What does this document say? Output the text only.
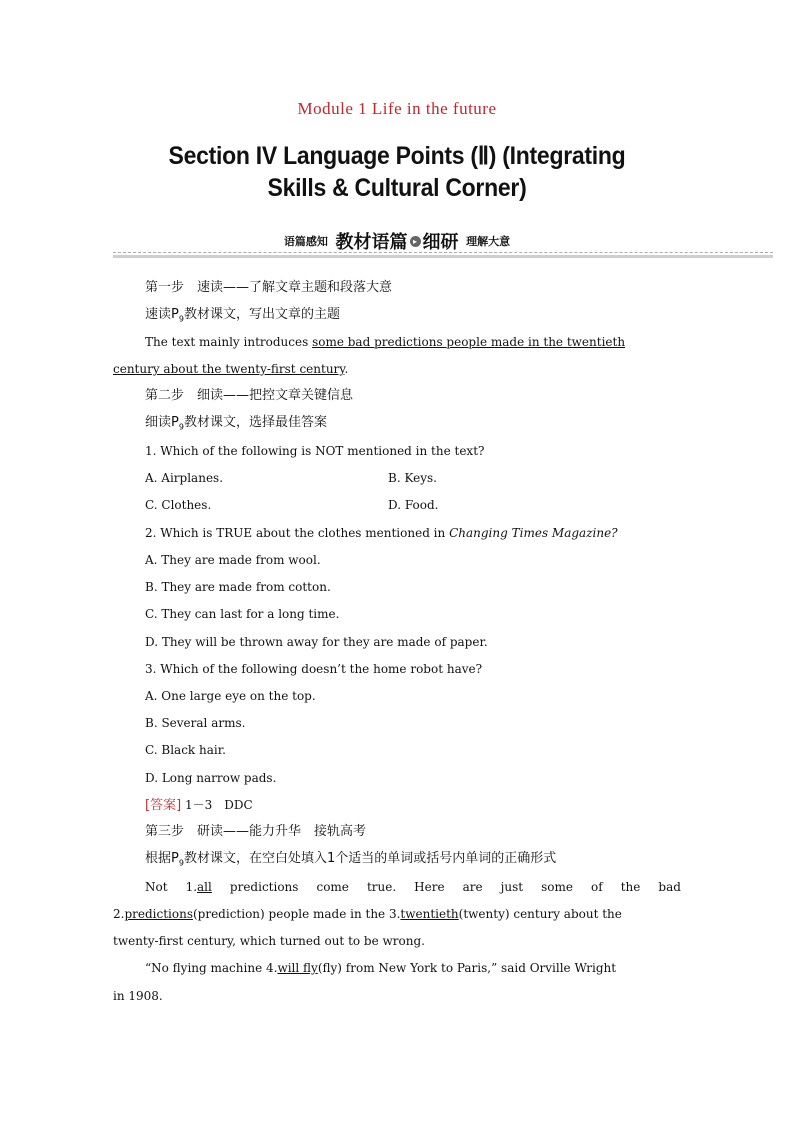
Module 1 Life in the future
Section IV Language Points (Ⅱ) (Integrating
Skills & Cultural Corner)
语篇感知 教材语篇 ▸ 细研 理解大意
第一步　速读——了解文章主题和段落大意
速读$P_9$教材课文，写出文章的主题
The text mainly introduces some bad predictions people made in the twentieth
century about the twenty-first century.
第二步　细读——把控文章关键信息
细读$P_9$教材课文，选择最佳答案
1. Which of the following is NOT mentioned in the text?
A. Airplanes.	B. Keys.
C. Clothes.	D. Food.
2. Which is TRUE about the clothes mentioned in Changing Times Magazine?
A. They are made from wool.
B. They are made from cotton.
C. They can last for a long time.
D. They will be thrown away for they are made of paper.
3. Which of the following doesn’t the home robot have?
A. One large eye on the top.
B. Several arms.
C. Black hair.
D. Long narrow pads.
[答案] 1－3　DDC
第三步　研读——能力升华　接轨高考
根据$P_9$教材课文，在空白处填入1个适当的单词或括号内单词的正确形式
Not 1.all predictions come true. Here are just some of the bad
2.predictions(prediction) people made in the 3.twentieth(twenty) century about the
twenty-first century, which turned out to be wrong.
“No flying machine 4.will fly(fly) from New York to Paris,” said Orville Wright
in 1908.
